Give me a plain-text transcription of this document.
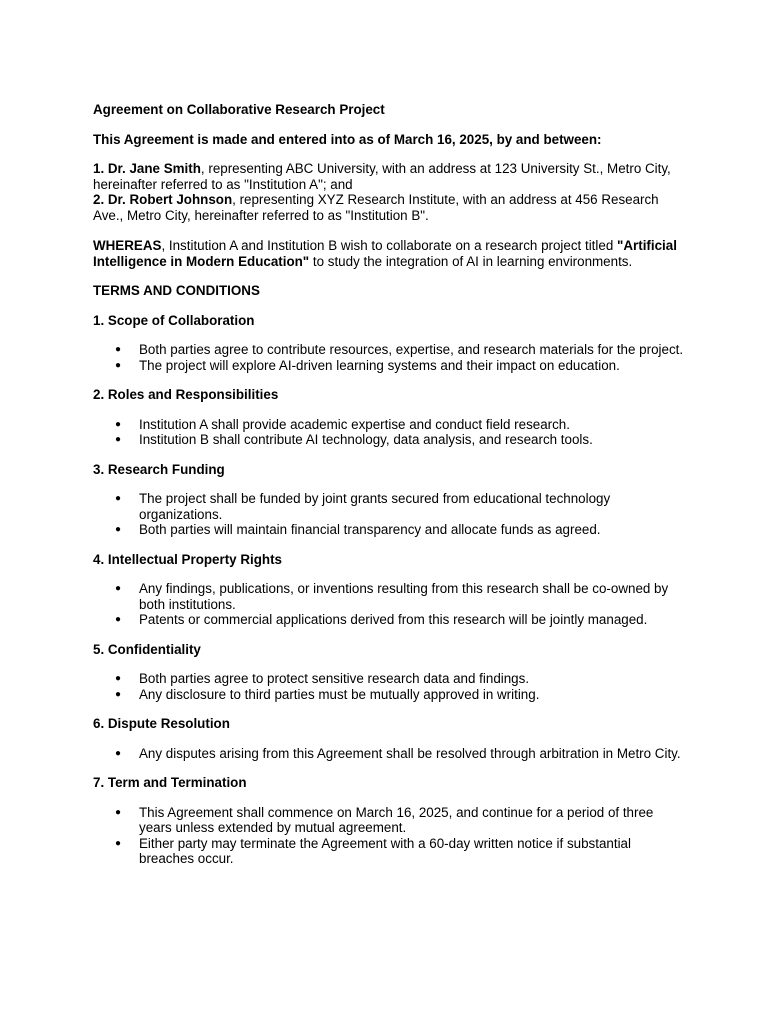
Agreement on Collaborative Research Project
This Agreement is made and entered into as of March 16, 2025, by and between:
1. Dr. Jane Smith, representing ABC University, with an address at 123 University St., Metro City, hereinafter referred to as "Institution A"; and
2. Dr. Robert Johnson, representing XYZ Research Institute, with an address at 456 Research Ave., Metro City, hereinafter referred to as "Institution B".
WHEREAS, Institution A and Institution B wish to collaborate on a research project titled "Artificial Intelligence in Modern Education" to study the integration of AI in learning environments.
TERMS AND CONDITIONS
1. Scope of Collaboration
● Both parties agree to contribute resources, expertise, and research materials for the project.
● The project will explore AI-driven learning systems and their impact on education.
2. Roles and Responsibilities
● Institution A shall provide academic expertise and conduct field research.
● Institution B shall contribute AI technology, data analysis, and research tools.
3. Research Funding
● The project shall be funded by joint grants secured from educational technology organizations.
● Both parties will maintain financial transparency and allocate funds as agreed.
4. Intellectual Property Rights
● Any findings, publications, or inventions resulting from this research shall be co-owned by both institutions.
● Patents or commercial applications derived from this research will be jointly managed.
5. Confidentiality
● Both parties agree to protect sensitive research data and findings.
● Any disclosure to third parties must be mutually approved in writing.
6. Dispute Resolution
● Any disputes arising from this Agreement shall be resolved through arbitration in Metro City.
7. Term and Termination
● This Agreement shall commence on March 16, 2025, and continue for a period of three years unless extended by mutual agreement.
● Either party may terminate the Agreement with a 60-day written notice if substantial breaches occur.
